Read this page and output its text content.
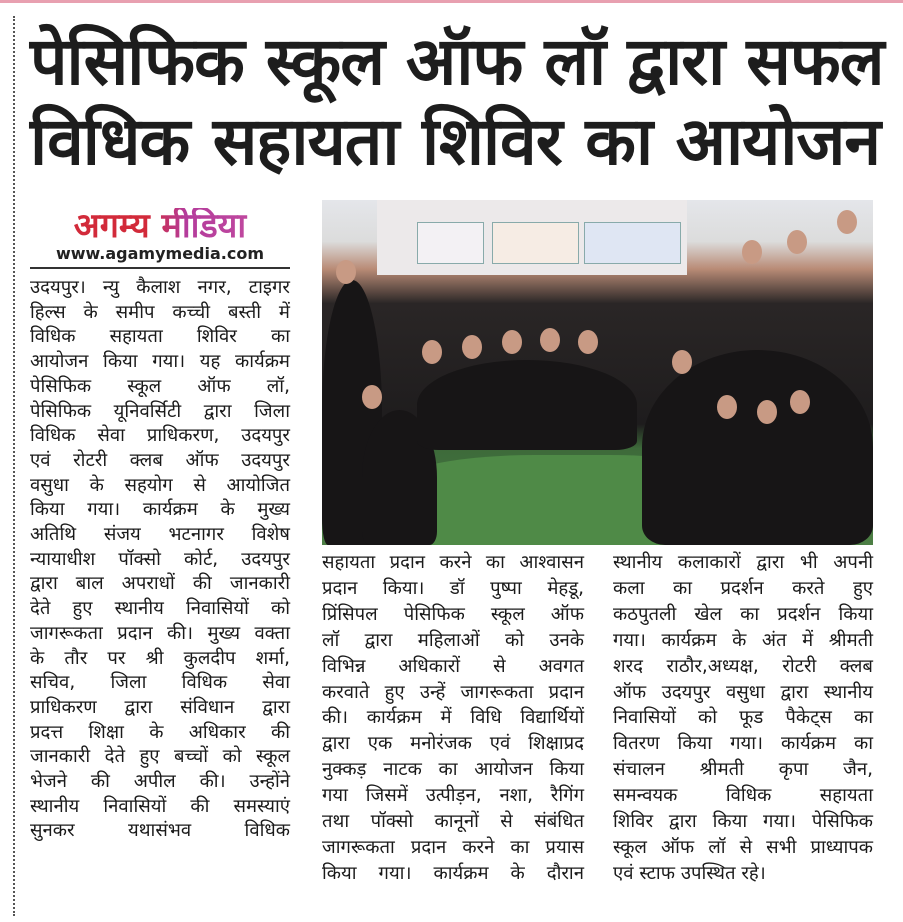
पेसिफिक स्कूल ऑफ लॉ द्वारा सफल
विधिक सहायता शिविर का आयोजन
अगम्य मीडिया
www.agamymedia.com
उदयपुर। न्यु कैलाश नगर, टाइगर
हिल्स के समीप कच्ची बस्ती में
विधिक सहायता शिविर का
आयोजन किया गया। यह कार्यक्रम
पेसिफिक स्कूल ऑफ लॉ,
पेसिफिक यूनिवर्सिटी द्वारा जिला
विधिक सेवा प्राधिकरण, उदयपुर
एवं रोटरी क्लब ऑफ उदयपुर
वसुधा के सहयोग से आयोजित
किया गया। कार्यक्रम के मुख्य
अतिथि संजय भटनागर विशेष
न्यायाधीश पॉक्सो कोर्ट, उदयपुर
द्वारा बाल अपराधों की जानकारी
देते हुए स्थानीय निवासियों को
जागरूकता प्रदान की। मुख्य वक्ता
के तौर पर श्री कुलदीप शर्मा,
सचिव, जिला विधिक सेवा
प्राधिकरण द्वारा संविधान द्वारा
प्रदत्त शिक्षा के अधिकार की
जानकारी देते हुए बच्चों को स्कूल
भेजने की अपील की। उन्होंने
स्थानीय निवासियों की समस्याएं
सुनकर यथासंभव विधिक
सहायता प्रदान करने का आश्वासन
प्रदान किया। डॉ पुष्पा मेहडू,
प्रिंसिपल पेसिफिक स्कूल ऑफ
लॉ द्वारा महिलाओं को उनके
विभिन्न अधिकारों से अवगत
करवाते हुए उन्हें जागरूकता प्रदान
की। कार्यक्रम में विधि विद्यार्थियों
द्वारा एक मनोरंजक एवं शिक्षाप्रद
नुक्कड़ नाटक का आयोजन किया
गया जिसमें उत्पीड़न, नशा, रैगिंग
तथा पॉक्सो कानूनों से संबंधित
जागरूकता प्रदान करने का प्रयास
किया गया। कार्यक्रम के दौरान
स्थानीय कलाकारों द्वारा भी अपनी
कला का प्रदर्शन करते हुए
कठपुतली खेल का प्रदर्शन किया
गया। कार्यक्रम के अंत में श्रीमती
शरद राठौर,अध्यक्ष, रोटरी क्लब
ऑफ उदयपुर वसुधा द्वारा स्थानीय
निवासियों को फूड पैकेट्स का
वितरण किया गया। कार्यक्रम का
संचालन श्रीमती कृपा जैन,
समन्वयक विधिक सहायता
शिविर द्वारा किया गया। पेसिफिक
स्कूल ऑफ लॉ से सभी प्राध्यापक
एवं स्टाफ उपस्थित रहे।
